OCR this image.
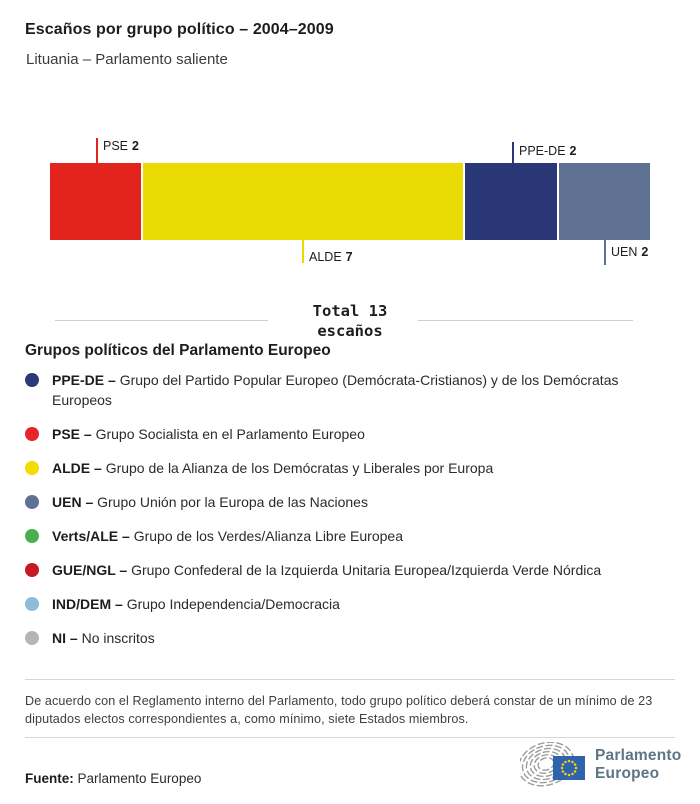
Escaños por grupo político – 2004–2009
Lituania – Parlamento saliente
PSE 2	PPE-DE 2
ALDE 7	UEN 2
Total 13
escaños
Grupos políticos del Parlamento Europeo

PPE-DE – Grupo del Partido Popular Europeo (Demócrata-Cristianos) y de los Demócratas Europeos

PSE – Grupo Socialista en el Parlamento Europeo

ALDE – Grupo de la Alianza de los Demócratas y Liberales por Europa

UEN – Grupo Unión por la Europa de las Naciones

Verts/ALE – Grupo de los Verdes/Alianza Libre Europea

GUE/NGL – Grupo Confederal de la Izquierda Unitaria Europea/Izquierda Verde Nórdica

IND/DEM – Grupo Independencia/Democracia

NI – No inscritos

De acuerdo con el Reglamento interno del Parlamento, todo grupo político deberá constar de un mínimo de 23 diputados electos correspondientes a, como mínimo, siete Estados miembros.

Fuente: Parlamento Europeo

Parlamento
Europeo
